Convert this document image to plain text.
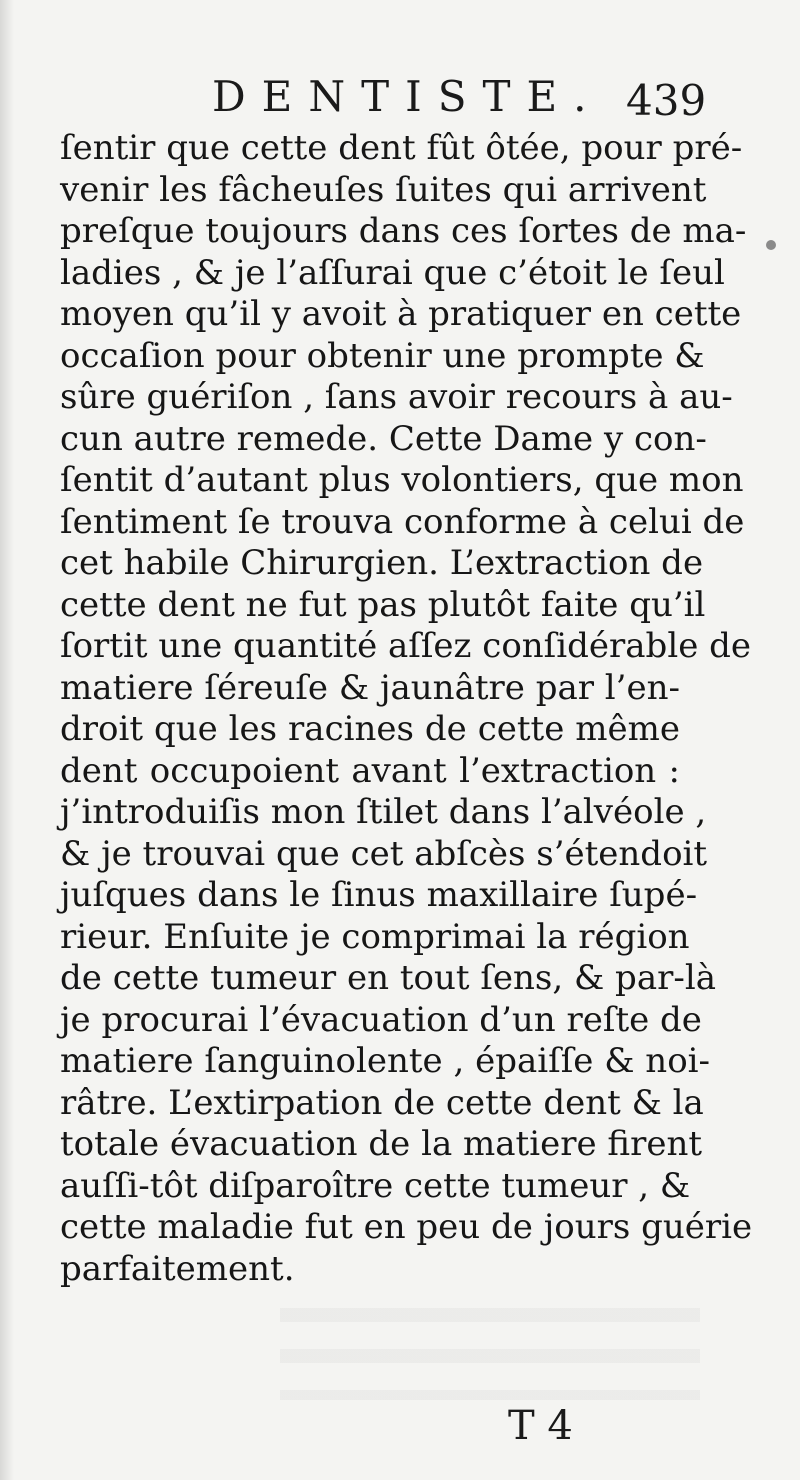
DENTISTE. 439
ſentir que cette dent fût ôtée, pour pré-
venir les fâcheuſes ſuites qui arrivent
preſque toujours dans ces ſortes de ma-
ladies , & je l’aſſurai que c’étoit le ſeul
moyen qu’il y avoit à pratiquer en cette
occaſion pour obtenir une prompte &
sûre guériſon , ſans avoir recours à au-
cun autre remede. Cette Dame y con-
ſentit d’autant plus volontiers, que mon
ſentiment ſe trouva conforme à celui de
cet habile Chirurgien. L’extraction de
cette dent ne fut pas plutôt faite qu’il
ſortit une quantité aſſez conſidérable de
matiere ſéreuſe & jaunâtre par l’en-
droit que les racines de cette même
dent occupoient avant l’extraction :
j’introduiſis mon ſtilet dans l’alvéole ,
& je trouvai que cet abſcès s’étendoit
juſques dans le ſinus maxillaire ſupé-
rieur. Enſuite je comprimai la région
de cette tumeur en tout ſens, & par-là
je procurai l’évacuation d’un reſte de
matiere ſanguinolente , épaiſſe & noi-
râtre. L’extirpation de cette dent & la
totale évacuation de la matiere firent
auſſi-tôt diſparoître cette tumeur , &
cette maladie fut en peu de jours guérie
parfaitement.
T 4
